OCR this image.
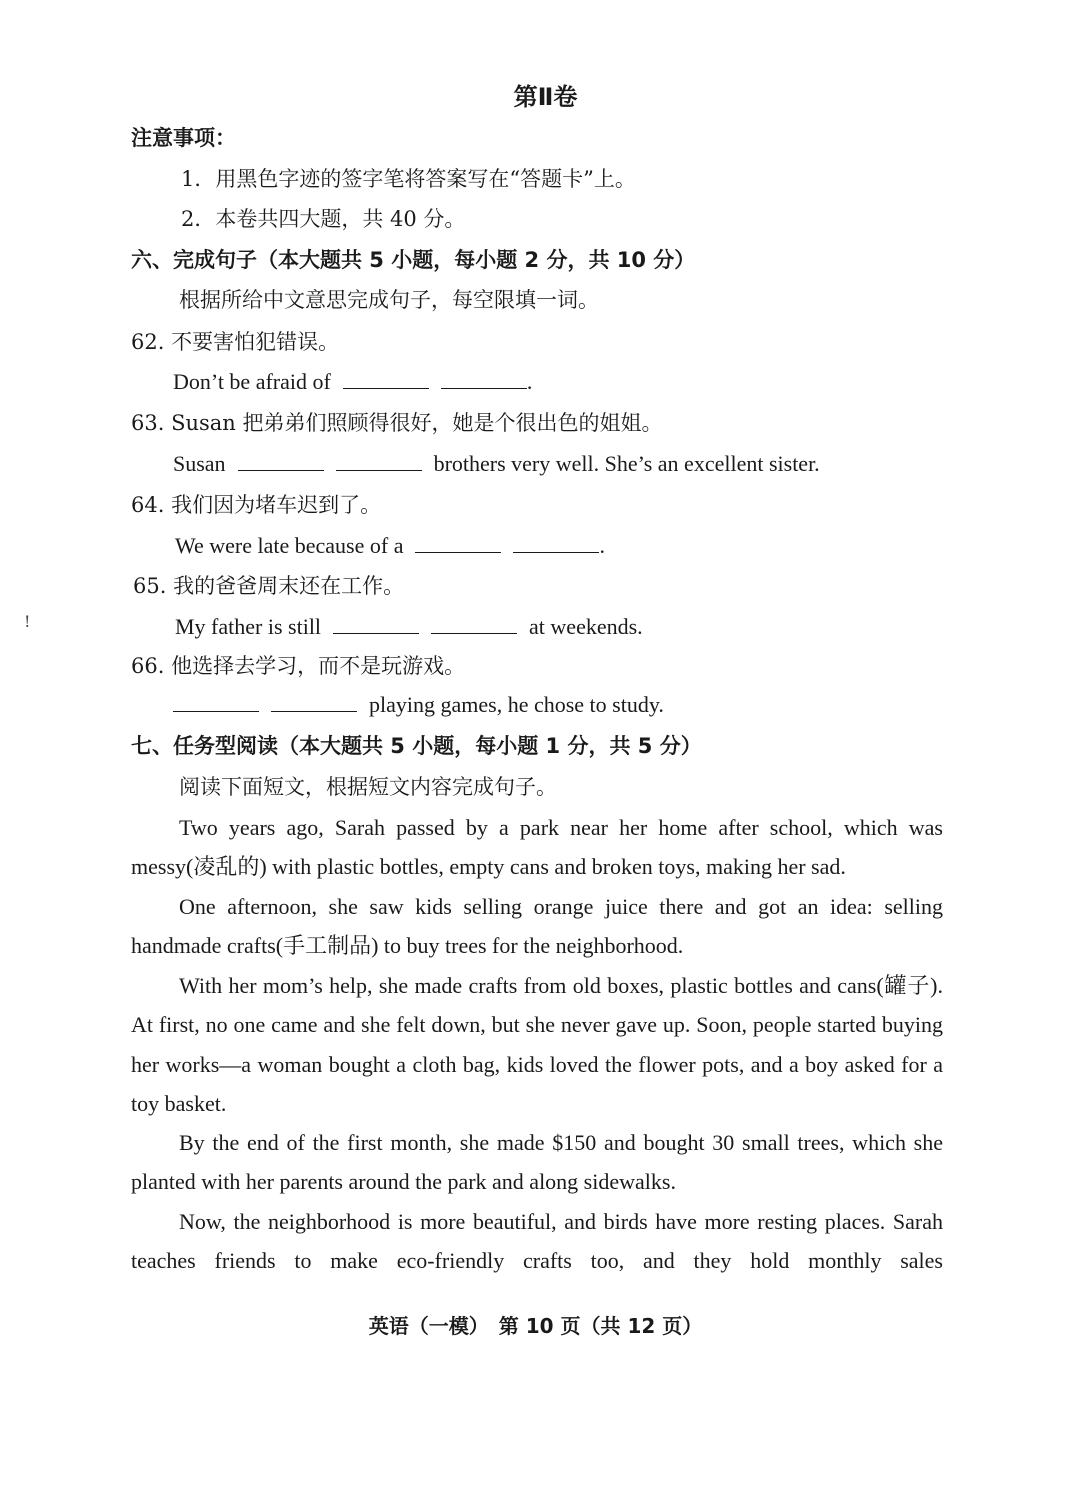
第Ⅱ卷
注意事项：
1．用黑色字迹的签字笔将答案写在“答题卡”上。
2．本卷共四大题，共 40 分。
六、完成句子（本大题共 5 小题，每小题 2 分，共 10 分）
根据所给中文意思完成句子，每空限填一词。
62. 不要害怕犯错误。
Don’t be afraid of	.
63. Susan 把弟弟们照顾得很好，她是个很出色的姐姐。
Susan	brothers very well. She’s an excellent sister.
64. 我们因为堵车迟到了。
We were late because of a	.
65. 我的爸爸周末还在工作。
My father is still	at weekends.
66. 他选择去学习，而不是玩游戏。
playing games, he chose to study.
七、任务型阅读（本大题共 5 小题，每小题 1 分，共 5 分）
阅读下面短文，根据短文内容完成句子。
Two years ago, Sarah passed by a park near her home after school, which was messy(凌乱的) with plastic bottles, empty cans and broken toys, making her sad.
One afternoon, she saw kids selling orange juice there and got an idea: selling handmade crafts(手工制品) to buy trees for the neighborhood.
With her mom’s help, she made crafts from old boxes, plastic bottles and cans(罐子). At first, no one came and she felt down, but she never gave up. Soon, people started buying her works—a woman bought a cloth bag, kids loved the flower pots, and a boy asked for a toy basket.
By the end of the first month, she made $150 and bought 30 small trees, which she planted with her parents around the park and along sidewalks.
Now, the neighborhood is more beautiful, and birds have more resting places. Sarah teaches friends to make eco-friendly crafts too, and they hold monthly sales
英语（一模）　第 10 页（共 12 页）
!
